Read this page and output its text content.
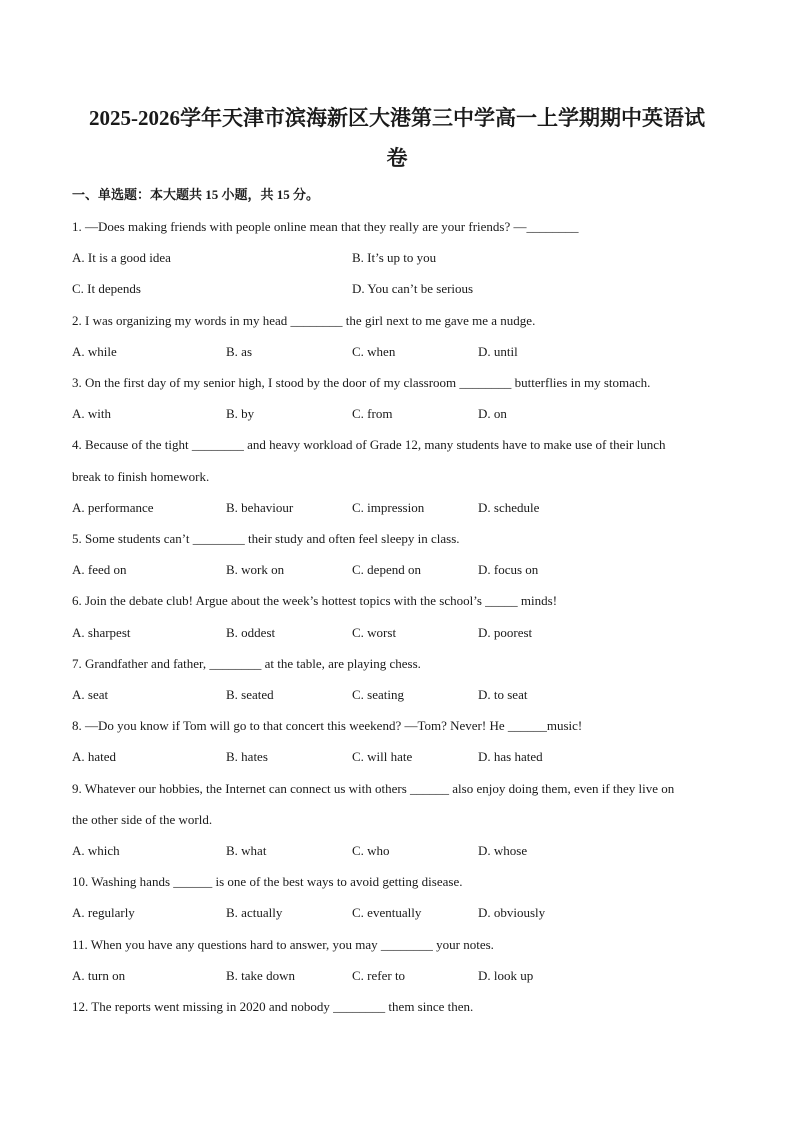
2025-2026学年天津市滨海新区大港第三中学高一上学期期中英语试
卷
一、单选题：本大题共 15 小题，共 15 分。
1. —Does making friends with people online mean that they really are your friends? —________
A. It is a good idea	B. It’s up to you
C. It depends	D. You can’t be serious
2. I was organizing my words in my head ________ the girl next to me gave me a nudge.
A. while	B. as	C. when	D. until
3. On the first day of my senior high, I stood by the door of my classroom ________ butterflies in my stomach.
A. with	B. by	C. from	D. on
4. Because of the tight ________ and heavy workload of Grade 12, many students have to make use of their lunch
break to finish homework.
A. performance	B. behaviour	C. impression	D. schedule
5. Some students can’t ________ their study and often feel sleepy in class.
A. feed on	B. work on	C. depend on	D. focus on
6. Join the debate club! Argue about the week’s hottest topics with the school’s _____ minds!
A. sharpest	B. oddest	C. worst	D. poorest
7. Grandfather and father, ________ at the table, are playing chess.
A. seat	B. seated	C. seating	D. to seat
8. —Do you know if Tom will go to that concert this weekend? —Tom? Never! He ______music!
A. hated	B. hates	C. will hate	D. has hated
9. Whatever our hobbies, the Internet can connect us with others ______ also enjoy doing them, even if they live on
the other side of the world.
A. which	B. what	C. who	D. whose
10. Washing hands ______ is one of the best ways to avoid getting disease.
A. regularly	B. actually	C. eventually	D. obviously
11. When you have any questions hard to answer, you may ________ your notes.
A. turn on	B. take down	C. refer to	D. look up
12. The reports went missing in 2020 and nobody ________ them since then.
